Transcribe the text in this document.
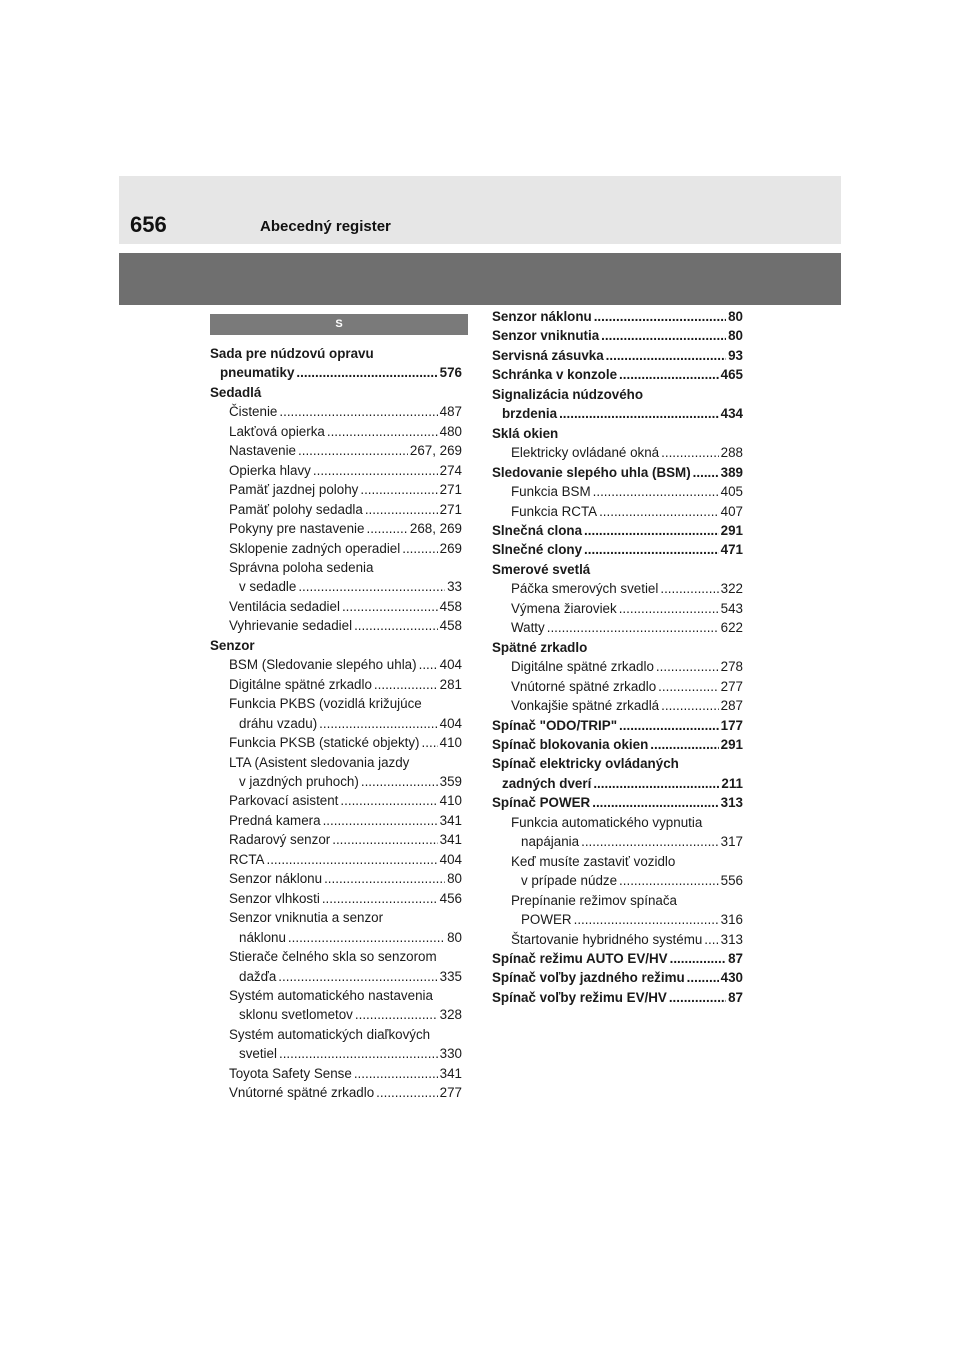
656	Abecedný register
S
Sada pre núdzovú opravu
pneumatiky .....	576
Sedadlá
Čistenie .....	487
Lakťová opierka .....	480
Nastavenie .....	267, 269
Opierka hlavy .....	274
Pamäť jazdnej polohy .....	271
Pamäť polohy sedadla .....	271
Pokyny pre nastavenie .....	268, 269
Sklopenie zadných operadiel .....	269
Správna poloha sedenia
v sedadle .....	33
Ventilácia sedadiel .....	458
Vyhrievanie sedadiel .....	458
Senzor
BSM (Sledovanie slepého uhla) ..... 404
Digitálne spätné zrkadlo .....	281
Funkcia PKBS (vozidlá križujúce
dráhu vzadu) .....	404
Funkcia PKSB (statické objekty) ..... 410
LTA (Asistent sledovania jazdy
v jazdných pruhoch) .....	359
Parkovací asistent .....	410
Predná kamera .....	341
Radarový senzor .....	341
RCTA .....	404
Senzor náklonu .....	80
Senzor vlhkosti .....	456
Senzor vniknutia a senzor
náklonu .....	80
Stierače čelného skla so senzorom
dažďa .....	335
Systém automatického nastavenia
sklonu svetlometov .....	328
Systém automatických diaľkových
svetiel .....	330
Toyota Safety Sense .....	341
Vnútorné spätné zrkadlo .....	277
Senzor náklonu .....	80
Senzor vniknutia .....	80
Servisná zásuvka .....	93
Schránka v konzole .....	465
Signalizácia núdzového
brzdenia .....	434
Sklá okien
Elektricky ovládané okná .....	288
Sledovanie slepého uhla (BSM) ..... 389
Funkcia BSM .....	405
Funkcia RCTA .....	407
Slnečná clona .....	291
Slnečné clony .....	471
Smerové svetlá
Páčka smerových svetiel .....	322
Výmena žiaroviek .....	543
Watty .....	622
Spätné zrkadlo
Digitálne spätné zrkadlo .....	278
Vnútorné spätné zrkadlo .....	277
Vonkajšie spätné zrkadlá .....	287
Spínač "ODO/TRIP" .....	177
Spínač blokovania okien .....	291
Spínač elektricky ovládaných
zadných dverí .....	211
Spínač POWER .....	313
Funkcia automatického vypnutia
napájania .....	317
Keď musíte zastaviť vozidlo
v prípade núdze .....	556
Prepínanie režimov spínača
POWER .....	316
Štartovanie hybridného systému ..... 313
Spínač režimu AUTO EV/HV .....	87
Spínač voľby jazdného režimu .....	430
Spínač voľby režimu EV/HV .....	87
